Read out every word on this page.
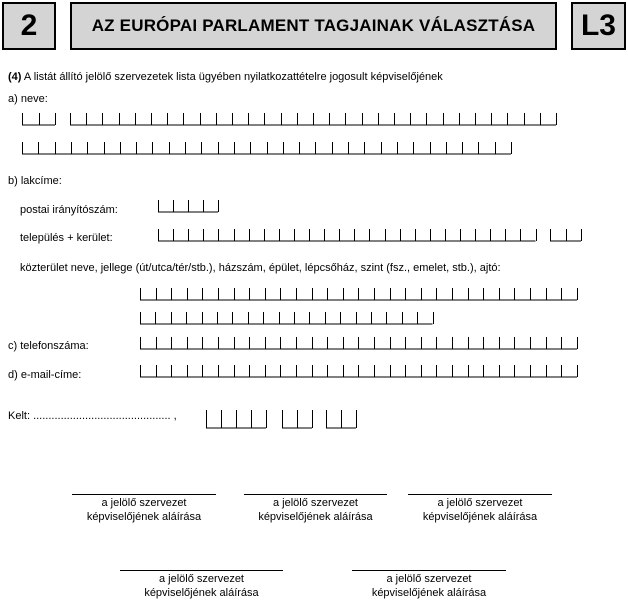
2	AZ EURÓPAI PARLAMENT TAGJAINAK VÁLASZTÁSA L3
(4) A listát állító jelölő szervezetek lista ügyében nyilatkozattételre jogosult képviselőjének
a) neve:
b) lakcíme:
postai irányítószám:
település + kerület:
közterület neve, jellege (út/utca/tér/stb.), házszám, épület, lépcsőház, szint (fsz., emelet, stb.), ajtó:
c) telefonszáma:
d) e-mail-címe:
Kelt: ............................................. ,
a jelölő szervezet
képviselőjének aláírása
a jelölő szervezet
képviselőjének aláírása
a jelölő szervezet
képviselőjének aláírása
a jelölő szervezet
képviselőjének aláírása
a jelölő szervezet
képviselőjének aláírása
